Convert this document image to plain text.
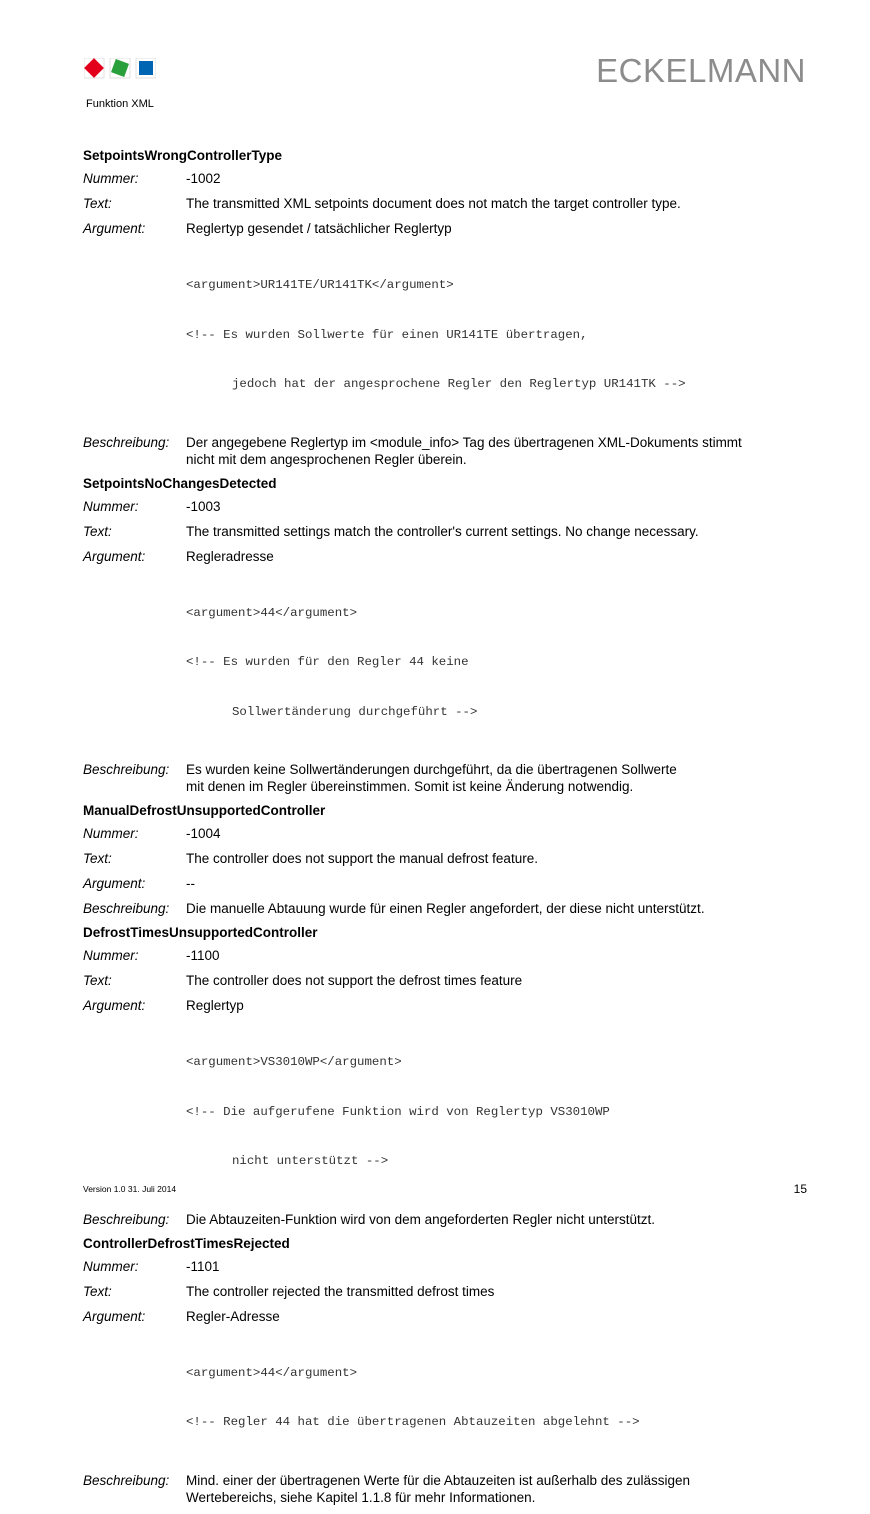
Funktion XML
ECKELMANN
SetpointsWrongControllerType
Nummer:	-1002
Text:	The transmitted XML setpoints document does not match the target controller type.
Argument:	Reglertyp gesendet / tatsächlicher Reglertyp

<argument>UR141TE/UR141TK</argument>

<!-- Es wurden Sollwerte für einen UR141TE übertragen,

jedoch hat der angesprochene Regler den Reglertyp UR141TK -->

Beschreibung:	Der angegebene Reglertyp im <module_info> Tag des übertragenen XML-Dokuments stimmt
nicht mit dem angesprochenen Regler überein.
SetpointsNoChangesDetected
Nummer:	-1003
Text:	The transmitted settings match the controller's current settings. No change necessary.
Argument:	Regleradresse

<argument>44</argument>

<!-- Es wurden für den Regler 44 keine

Sollwertänderung durchgeführt -->

Beschreibung:	Es wurden keine Sollwertänderungen durchgeführt, da die übertragenen Sollwerte
mit denen im Regler übereinstimmen. Somit ist keine Änderung notwendig.
ManualDefrostUnsupportedController
Nummer:	-1004
Text:	The controller does not support the manual defrost feature.
Argument:	--
Beschreibung:	Die manuelle Abtauung wurde für einen Regler angefordert, der diese nicht unterstützt.
DefrostTimesUnsupportedController
Nummer:	-1100
Text:	The controller does not support the defrost times feature
Argument:	Reglertyp

<argument>VS3010WP</argument>

<!-- Die aufgerufene Funktion wird von Reglertyp VS3010WP

nicht unterstützt -->

Beschreibung:	Die Abtauzeiten-Funktion wird von dem angeforderten Regler nicht unterstützt.
ControllerDefrostTimesRejected
Nummer:	-1101
Text:	The controller rejected the transmitted defrost times
Argument:	Regler-Adresse

<argument>44</argument>

<!-- Regler 44 hat die übertragenen Abtauzeiten abgelehnt -->

Beschreibung:	Mind. einer der übertragenen Werte für die Abtauzeiten ist außerhalb des zulässigen
Wertebereichs, siehe Kapitel 1.1.8 für mehr Informationen.
Version 1.0 31. Juli 2014	15
